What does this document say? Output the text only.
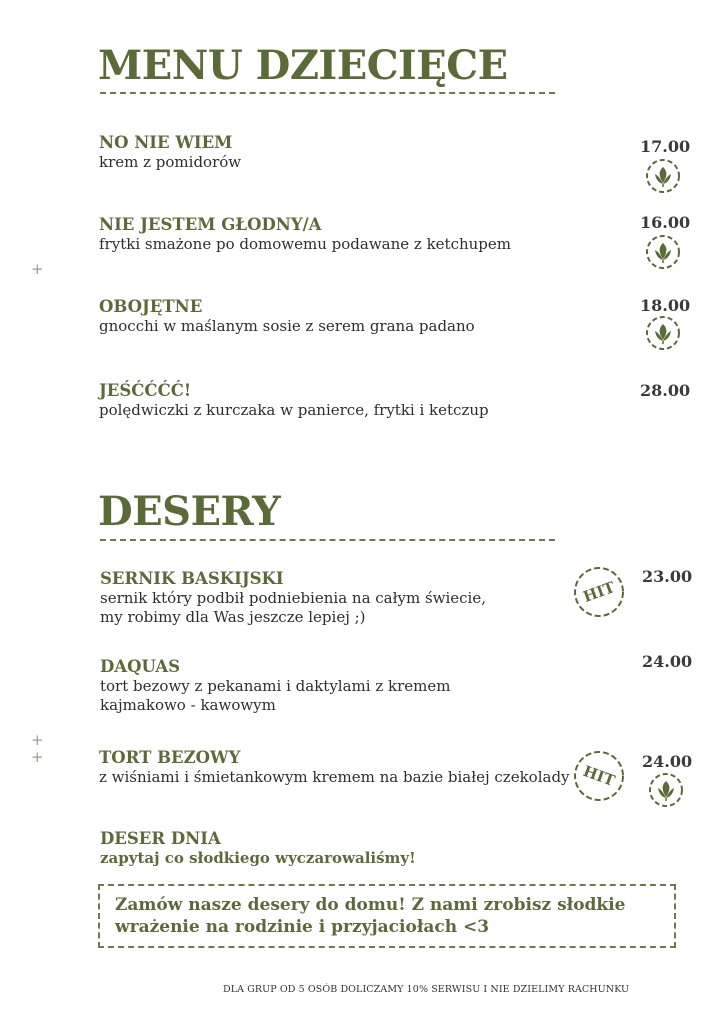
+
+
+
MENU DZIECIĘCE
NO NIE WIEM
krem z pomidorów
17.00
NIE JESTEM GŁODNY/A
frytki smażone po domowemu podawane z ketchupem
16.00
OBOJĘTNE
gnocchi w maślanym sosie z serem grana padano
18.00
JEŚĆĆĆĆ!
polędwiczki z kurczaka w panierce, frytki i ketczup
28.00
DESERY
SERNIK BASKIJSKI
sernik który podbił podniebienia na całym świecie,
my robimy dla Was jeszcze lepiej ;)
HIT
23.00
DAQUAS
tort bezowy z pekanami i daktylami z kremem
kajmakowo - kawowym
24.00
TORT BEZOWY
z wiśniami i śmietankowym kremem na bazie białej czekolady HIT
24.00
DESER DNIA
zapytaj co słodkiego wyczarowaliśmy!
Zamów nasze desery do domu! Z nami zrobisz słodkie
wrażenie na rodzinie i przyjaciołach <3
DLA GRUP OD 5 OSÓB DOLICZAMY 10% SERWISU I NIE DZIELIMY RACHUNKU
